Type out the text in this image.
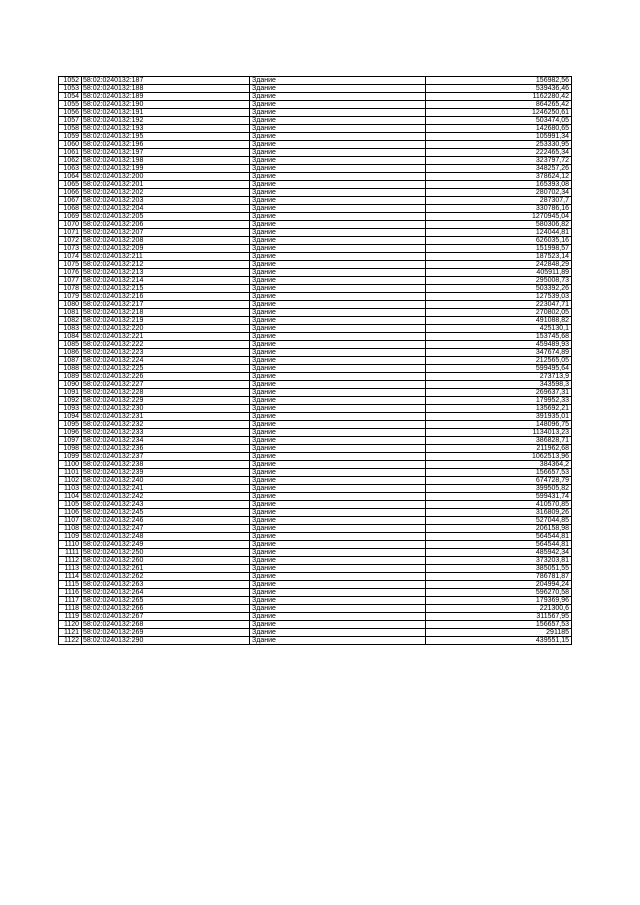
1052	58:02:0240132:187	Здание	156982,56
1053	58:02:0240132:188	Здание	539436,46
1054	58:02:0240132:189	Здание	1162280,42
1055	58:02:0240132:190	Здание	864265,42
1056	58:02:0240132:191	Здание	1246250,61
1057	58:02:0240132:192	Здание	503474,05
1058	58:02:0240132:193	Здание	142680,65
1059	58:02:0240132:195	Здание	105991,34
1060	58:02:0240132:196	Здание	253330,95
1061	58:02:0240132:197	Здание	222465,34
1062	58:02:0240132:198	Здание	323797,72
1063	58:02:0240132:199	Здание	348257,26
1064	58:02:0240132:200	Здание	378624,12
1065	58:02:0240132:201	Здание	165393,08
1066	58:02:0240132:202	Здание	280702,34
1067	58:02:0240132:203	Здание	287307,7
1068	58:02:0240132:204	Здание	330786,16
1069	58:02:0240132:205	Здание	1270945,04
1070	58:02:0240132:206	Здание	580306,82
1071	58:02:0240132:207	Здание	124044,81
1072	58:02:0240132:208	Здание	626035,16
1073	58:02:0240132:209	Здание	151998,57
1074	58:02:0240132:211	Здание	187523,14
1075	58:02:0240132:212	Здание	242848,29
1076	58:02:0240132:213	Здание	405911,89
1077	58:02:0240132:214	Здание	295008,73
1078	58:02:0240132:215	Здание	503392,26
1079	58:02:0240132:216	Здание	127539,03
1080	58:02:0240132:217	Здание	223047,71
1081	58:02:0240132:218	Здание	270802,05
1082	58:02:0240132:219	Здание	491088,82
1083	58:02:0240132:220	Здание	425130,1
1084	58:02:0240132:221	Здание	153745,68
1085	58:02:0240132:222	Здание	459489,93
1086	58:02:0240132:223	Здание	347674,89
1087	58:02:0240132:224	Здание	212565,05
1088	58:02:0240132:225	Здание	599495,64
1089	58:02:0240132:226	Здание	273713,9
1090	58:02:0240132:227	Здание	343598,3
1091	58:02:0240132:228	Здание	269637,31
1092	58:02:0240132:229	Здание	179952,33
1093	58:02:0240132:230	Здание	135692,21
1094	58:02:0240132:231	Здание	391935,01
1095	58:02:0240132:232	Здание	148096,75
1096	58:02:0240132:233	Здание	1134013,23
1097	58:02:0240132:234	Здание	386828,71
1098	58:02:0240132:236	Здание	211962,68
1099	58:02:0240132:237	Здание	1062513,96
1100	58:02:0240132:238	Здание	384364,2
1101	58:02:0240132:239	Здание	156657,53
1102	58:02:0240132:240	Здание	674728,79
1103	58:02:0240132:241	Здание	399505,82
1104	58:02:0240132:242	Здание	599431,74
1105	58:02:0240132:243	Здание	410570,85
1106	58:02:0240132:245	Здание	316809,26
1107	58:02:0240132:246	Здание	527044,85
1108	58:02:0240132:247	Здание	206158,98
1109	58:02:0240132:248	Здание	564544,81
1110	58:02:0240132:249	Здание	564544,81
1111	58:02:0240132:250	Здание	485942,34
1112	58:02:0240132:260	Здание	373203,81
1113	58:02:0240132:261	Здание	385051,55
1114	58:02:0240132:262	Здание	786781,87
1115	58:02:0240132:263	Здание	204994,24
1116	58:02:0240132:264	Здание	596270,58
1117	58:02:0240132:265	Здание	179369,96
1118	58:02:0240132:266	Здание	221300,6
1119	58:02:0240132:267	Здание	311567,95
1120	58:02:0240132:268	Здание	156657,53
1121	58:02:0240132:269	Здание	291185
1122	58:02:0240132:290	Здание	439551,15
